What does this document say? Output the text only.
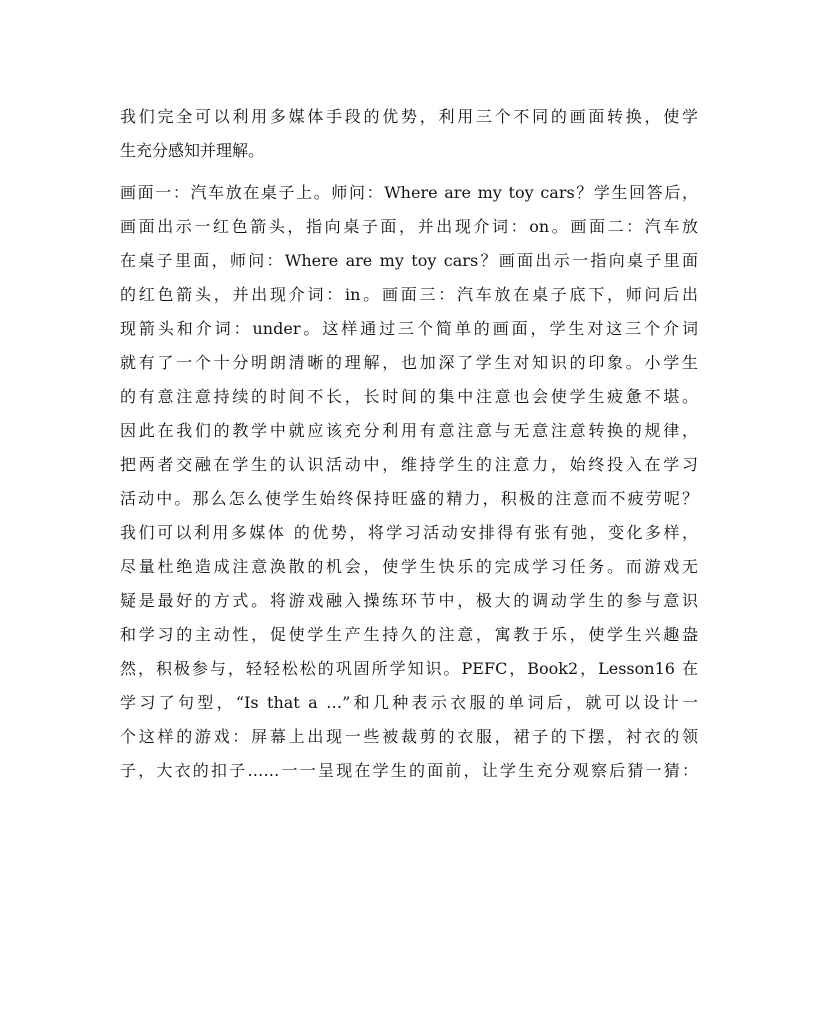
我们完全可以利用多媒体手段的优势，利用三个不同的画面转换，使学
生充分感知并理解。
画面一：汽车放在桌子上。师问：Where are my toy cars？学生回答后，
画面出示一红色箭头，指向桌子面，并出现介词：on。画面二：汽车放
在桌子里面，师问：Where are my toy cars？画面出示一指向桌子里面
的红色箭头，并出现介词：in。画面三：汽车放在桌子底下，师问后出
现箭头和介词：under。这样通过三个简单的画面，学生对这三个介词
就有了一个十分明朗清晰的理解，也加深了学生对知识的印象。小学生
的有意注意持续的时间不长，长时间的集中注意也会使学生疲惫不堪。
因此在我们的教学中就应该充分利用有意注意与无意注意转换的规律，
把两者交融在学生的认识活动中，维持学生的注意力，始终投入在学习
活动中。那么怎么使学生始终保持旺盛的精力，积极的注意而不疲劳呢？
我们可以利用多媒体 的优势，将学习活动安排得有张有弛，变化多样，
尽量杜绝造成注意涣散的机会，使学生快乐的完成学习任务。而游戏无
疑是最好的方式。将游戏融入操练环节中，极大的调动学生的参与意识
和学习的主动性，促使学生产生持久的注意，寓教于乐，使学生兴趣盎
然，积极参与，轻轻松松的巩固所学知识。PEFC，Book2，Lesson16 在
学习了句型，“Is that a …”和几种表示衣服的单词后，就可以设计一
个这样的游戏：屏幕上出现一些被裁剪的衣服，裙子的下摆，衬衣的领
子，大衣的扣子……一一呈现在学生的面前，让学生充分观察后猜一猜：
